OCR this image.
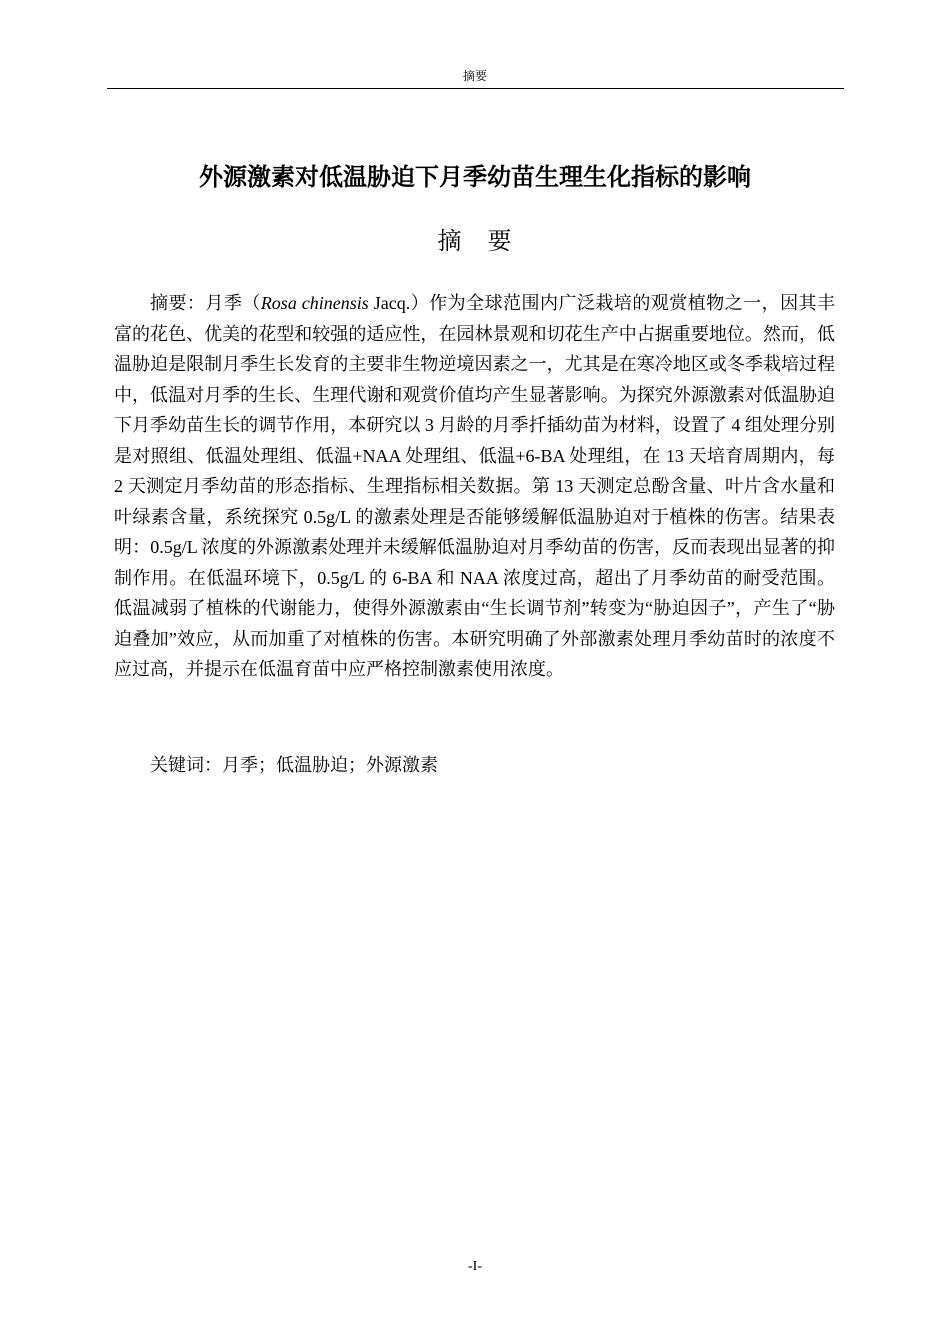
摘要
外源激素对低温胁迫下月季幼苗生理生化指标的影响
摘　要

摘要：月季（Rosa chinensis Jacq.）作为全球范围内广泛栽培的观赏植物之一，因其丰富的花色、优美的花型和较强的适应性，在园林景观和切花生产中占据重要地位。然而，低温胁迫是限制月季生长发育的主要非生物逆境因素之一，尤其是在寒冷地区或冬季栽培过程中，低温对月季的生长、生理代谢和观赏价值均产生显著影响。为探究外源激素对低温胁迫下月季幼苗生长的调节作用，本研究以 3 月龄的月季扦插幼苗为材料，设置了 4 组处理分别是对照组、低温处理组、低温+NAA 处理组、低温+6-BA 处理组，在 13 天培育周期内，每 2 天测定月季幼苗的形态指标、生理指标相关数据。第 13 天测定总酚含量、叶片含水量和叶绿素含量，系统探究 0.5g/L 的激素处理是否能够缓解低温胁迫对于植株的伤害。结果表明：0.5g/L 浓度的外源激素处理并未缓解低温胁迫对月季幼苗的伤害，反而表现出显著的抑制作用。在低温环境下，0.5g/L 的 6-BA 和 NAA 浓度过高，超出了月季幼苗的耐受范围。低温减弱了植株的代谢能力，使得外源激素由“生长调节剂”转变为“胁迫因子”，产生了“胁迫叠加”效应，从而加重了对植株的伤害。本研究明确了外部激素处理月季幼苗时的浓度不应过高，并提示在低温育苗中应严格控制激素使用浓度。

关键词：月季；低温胁迫；外源激素

-I-
